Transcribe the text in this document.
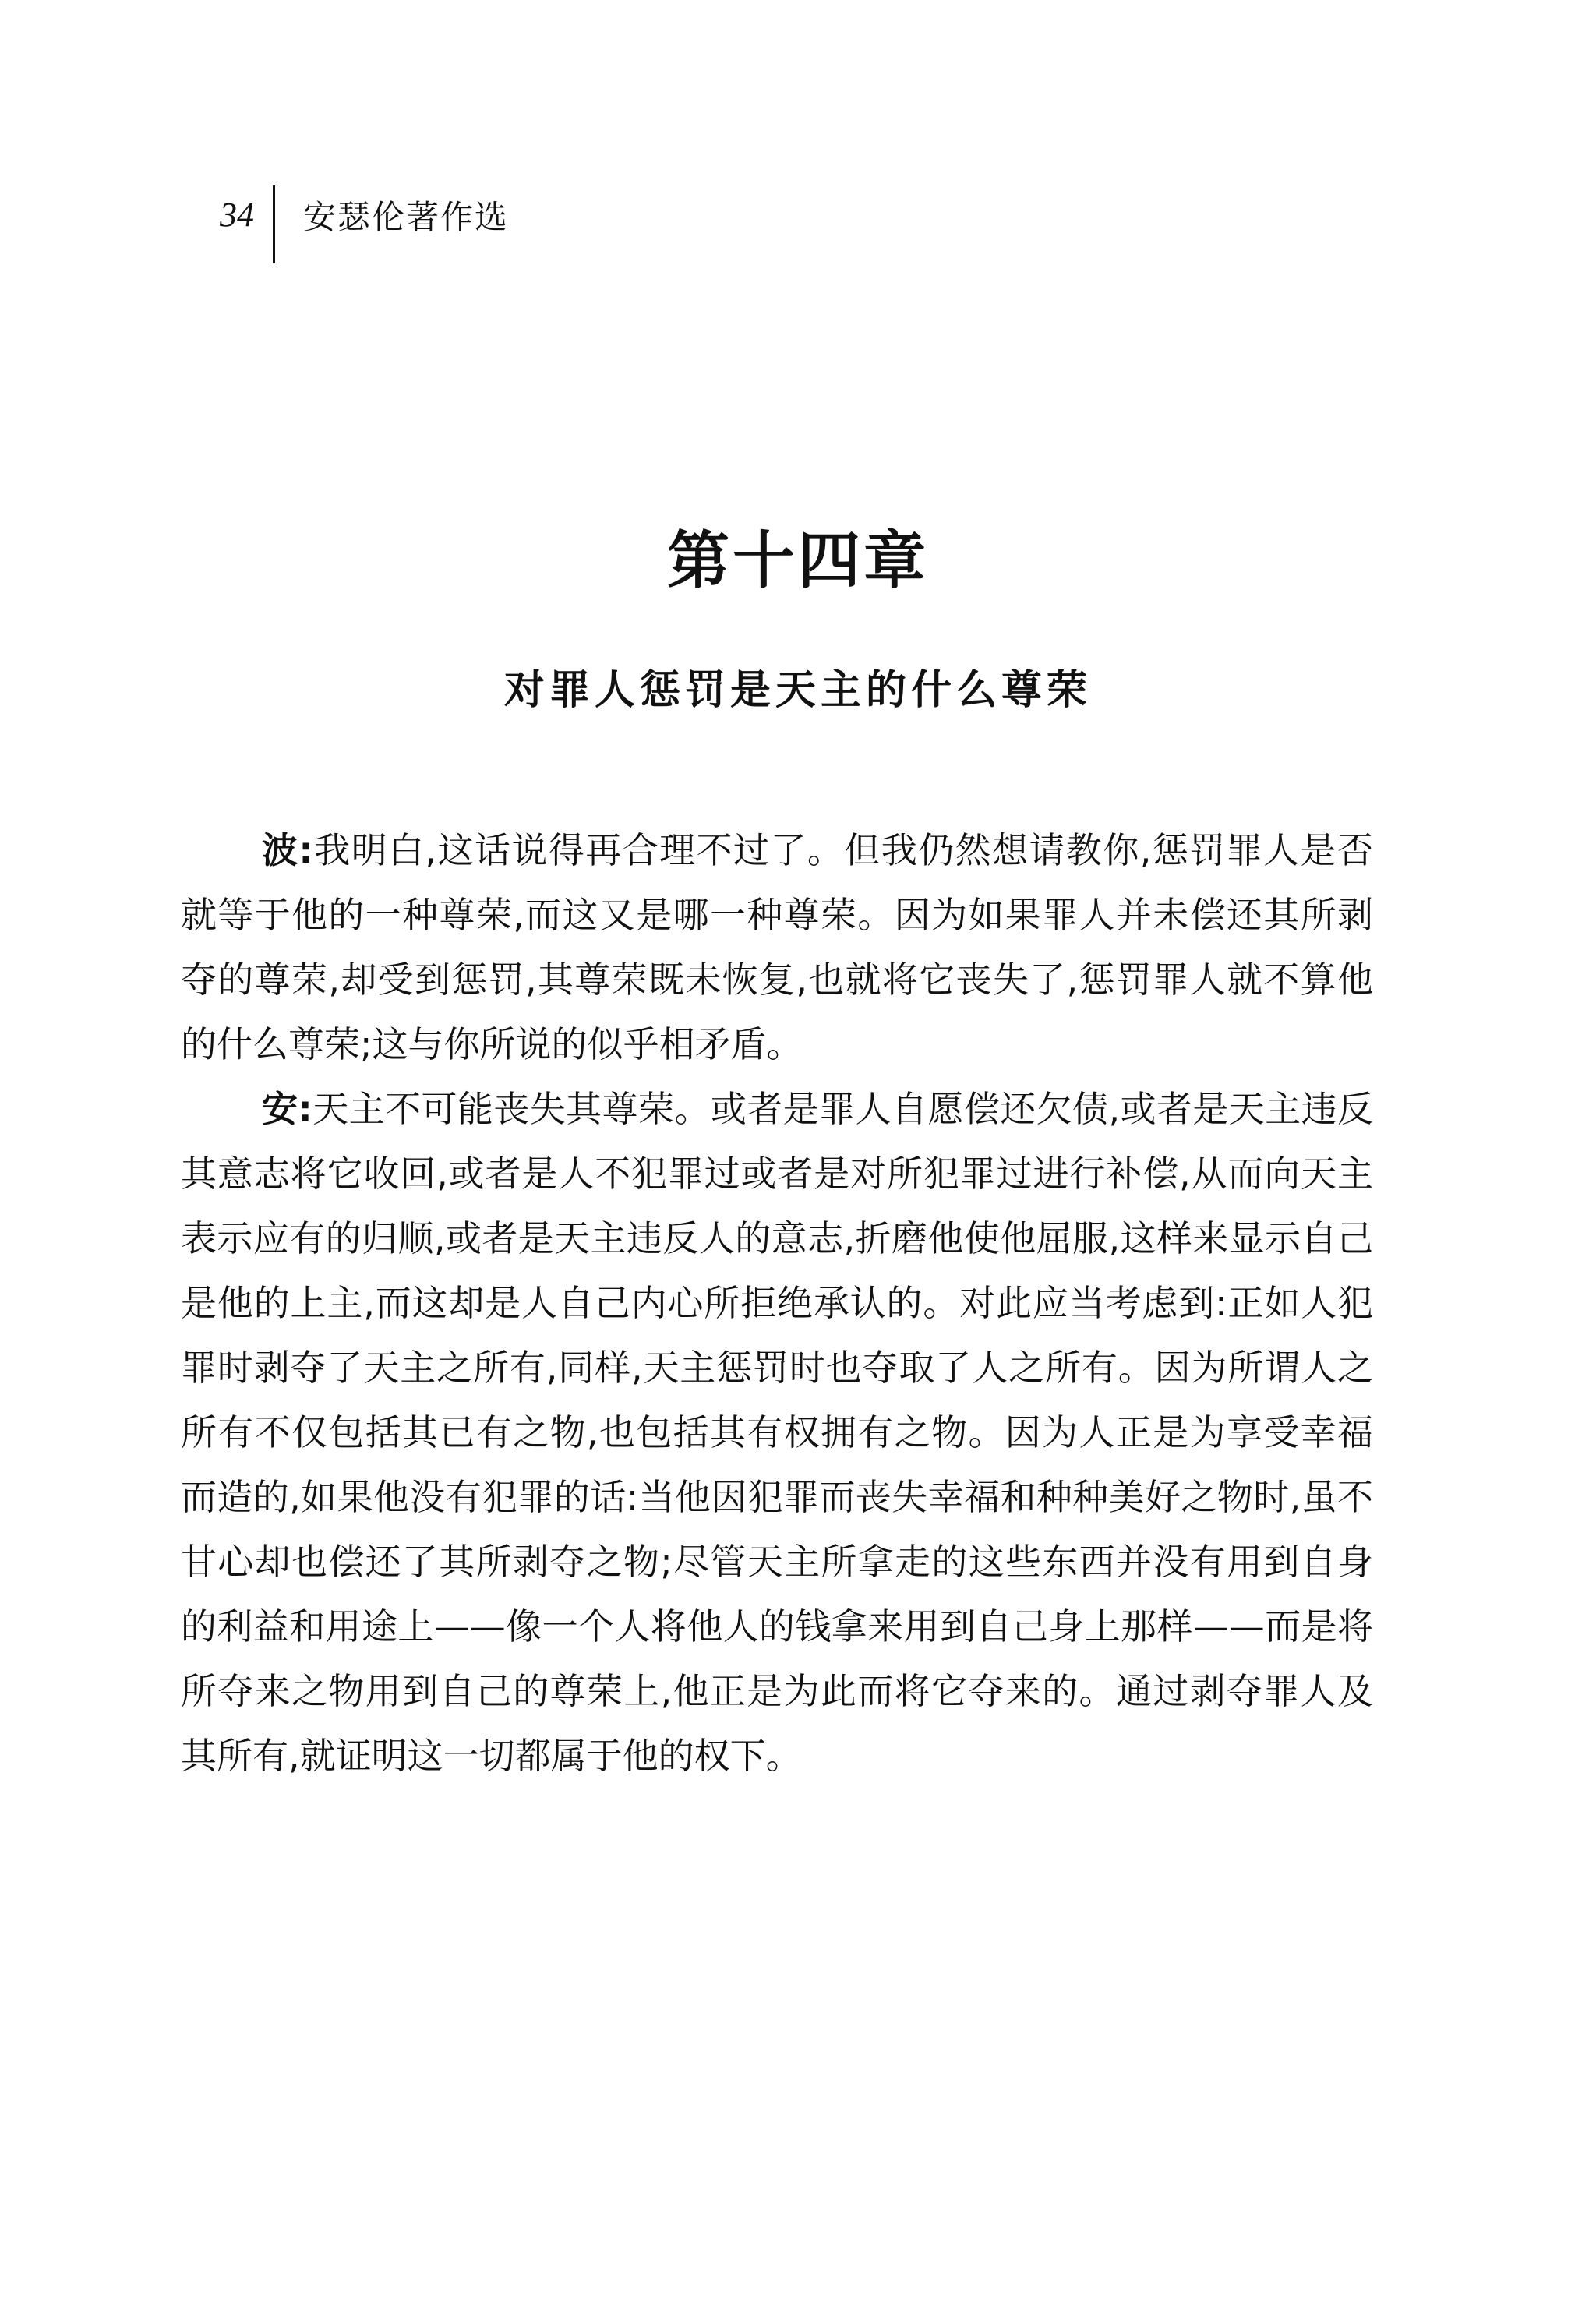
34 安瑟伦著作选
第十四章
对罪人惩罚是天主的什么尊荣

波:我明白,这话说得再合理不过了。但我仍然想请教你,惩罚罪人是否就等于他的一种尊荣,而这又是哪一种尊荣。因为如果罪人并未偿还其所剥夺的尊荣,却受到惩罚,其尊荣既未恢复,也就将它丧失了,惩罚罪人就不算他的什么尊荣;这与你所说的似乎相矛盾。

安:天主不可能丧失其尊荣。或者是罪人自愿偿还欠债,或者是天主违反其意志将它收回,或者是人不犯罪过或者是对所犯罪过进行补偿,从而向天主表示应有的归顺,或者是天主违反人的意志,折磨他使他屈服,这样来显示自己是他的上主,而这却是人自己内心所拒绝承认的。对此应当考虑到:正如人犯罪时剥夺了天主之所有,同样,天主惩罚时也夺取了人之所有。因为所谓人之所有不仅包括其已有之物,也包括其有权拥有之物。因为人正是为享受幸福而造的,如果他没有犯罪的话:当他因犯罪而丧失幸福和种种美好之物时,虽不甘心却也偿还了其所剥夺之物;尽管天主所拿走的这些东西并没有用到自身的利益和用途上——像一个人将他人的钱拿来用到自己身上那样——而是将所夺来之物用到自己的尊荣上,他正是为此而将它夺来的。通过剥夺罪人及其所有,就证明这一切都属于他的权下。
